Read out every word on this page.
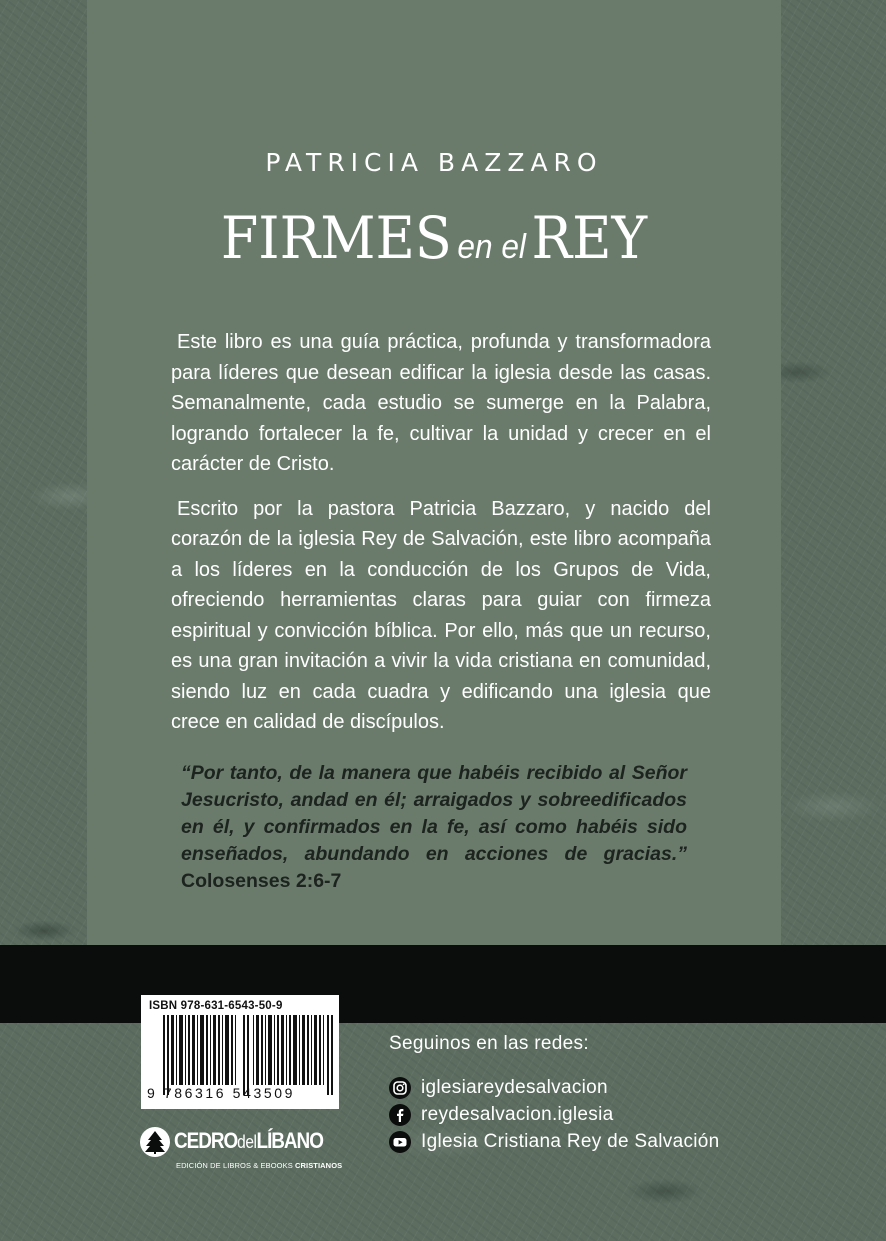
PATRICIA BAZZARO
FIRMES en elREY

Este libro es una guía práctica, profunda y transformadora para líderes que desean edificar la iglesia desde las casas. Semanalmente, cada estudio se sumerge en la Palabra, logrando fortalecer la fe, cultivar la unidad y crecer en el carácter de Cristo.

Escrito por la pastora Patricia Bazzaro, y nacido del corazón de la iglesia Rey de Salvación, este libro acompaña a los líderes en la conducción de los Grupos de Vida, ofreciendo herramientas claras para guiar con firmeza espiritual y convicción bíblica. Por ello, más que un recurso, es una gran invitación a vivir la vida cristiana en comunidad, siendo luz en cada cuadra y edificando una iglesia que crece en calidad de discípulos.

“Por tanto, de la manera que habéis recibido al Señor Jesucristo, andad en él; arraigados y sobreedificados en él, y confirmados en la fe, así como habéis sido enseñados, abundando en acciones de gracias.” Colosenses 2:6-7
ISBN 978-631-6543-50-9
9 786316 543509
CEDROdelLÍBANO
EDICIÓN DE LIBROS & EBOOKS CRISTIANOS
Seguinos en las redes:
iglesiareydesalvacion
reydesalvacion.iglesia
Iglesia Cristiana Rey de Salvación
